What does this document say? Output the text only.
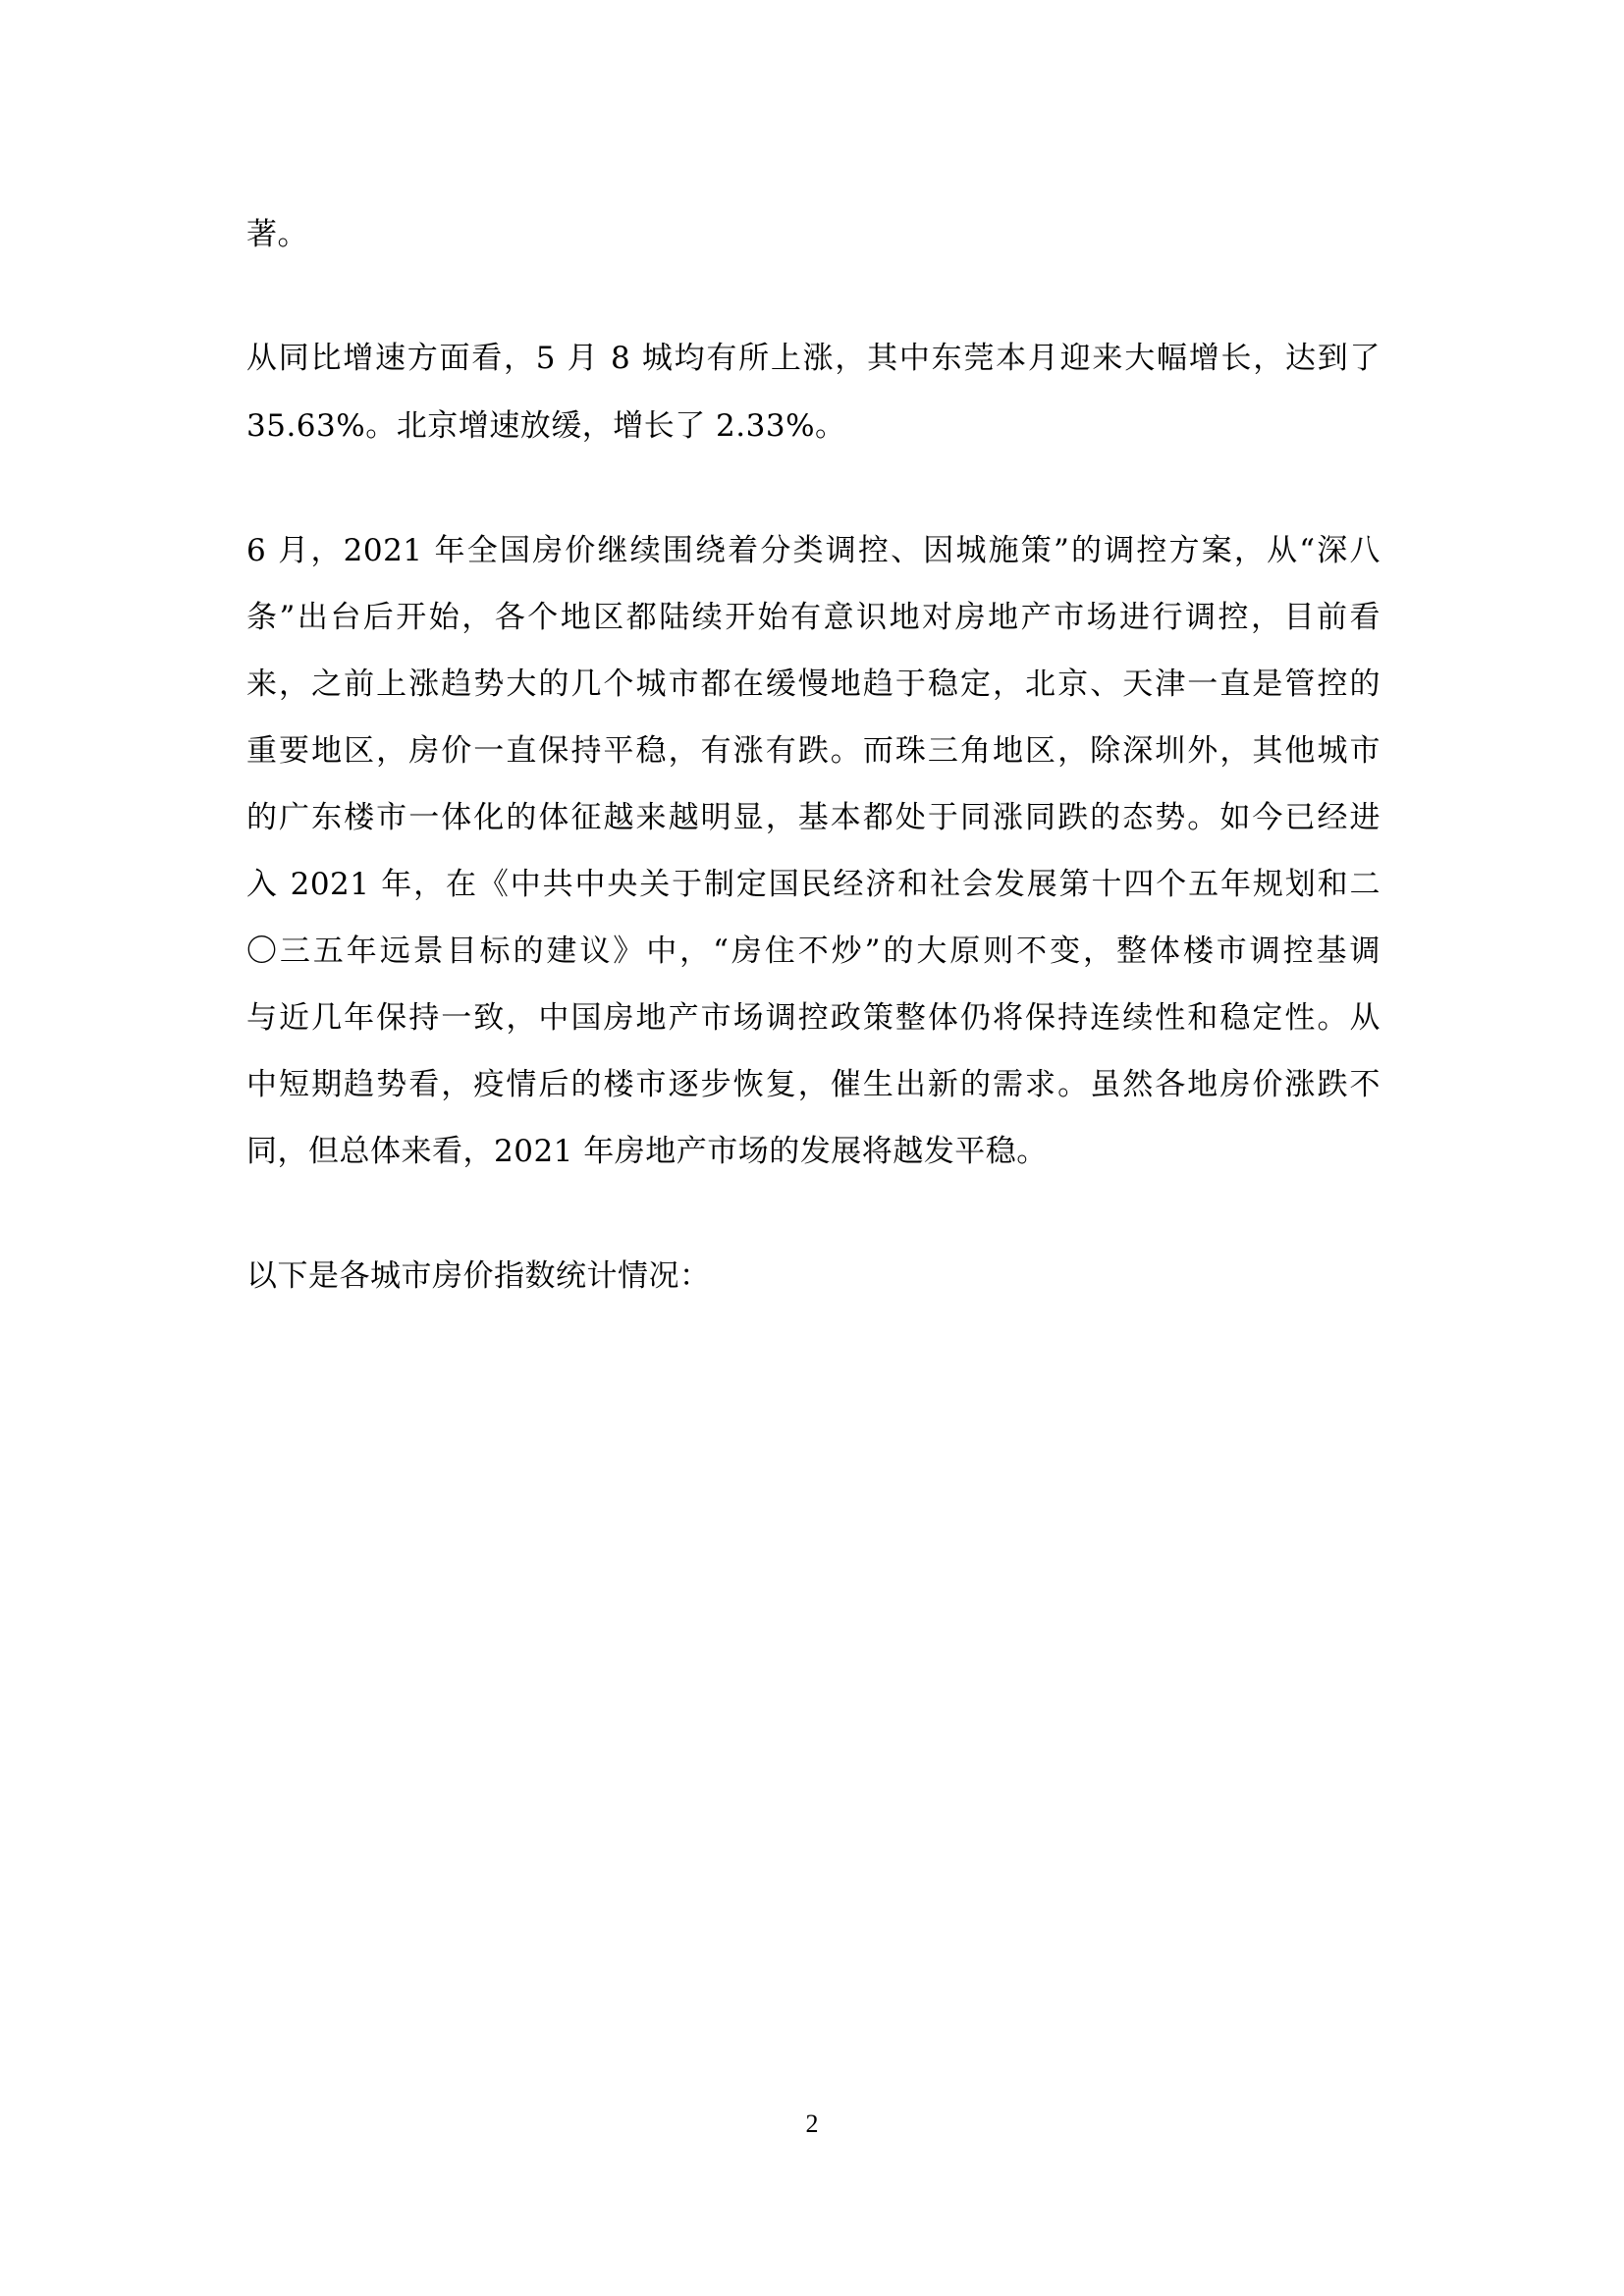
著。
从同比增速方面看，5 月 8 城均有所上涨，其中东莞本月迎来大幅增长，达到了
35.63%。北京增速放缓，增长了 2.33%。
6 月，2021 年全国房价继续围绕着分类调控、因城施策”的调控方案，从“深八
条”出台后开始，各个地区都陆续开始有意识地对房地产市场进行调控，目前看
来，之前上涨趋势大的几个城市都在缓慢地趋于稳定，北京、天津一直是管控的
重要地区，房价一直保持平稳，有涨有跌。而珠三角地区，除深圳外，其他城市
的广东楼市一体化的体征越来越明显，基本都处于同涨同跌的态势。如今已经进
入 2021 年，在《中共中央关于制定国民经济和社会发展第十四个五年规划和二
〇三五年远景目标的建议》中，“房住不炒”的大原则不变，整体楼市调控基调
与近几年保持一致，中国房地产市场调控政策整体仍将保持连续性和稳定性。从
中短期趋势看，疫情后的楼市逐步恢复，催生出新的需求。虽然各地房价涨跌不
同，但总体来看，2021 年房地产市场的发展将越发平稳。
以下是各城市房价指数统计情况：
2
